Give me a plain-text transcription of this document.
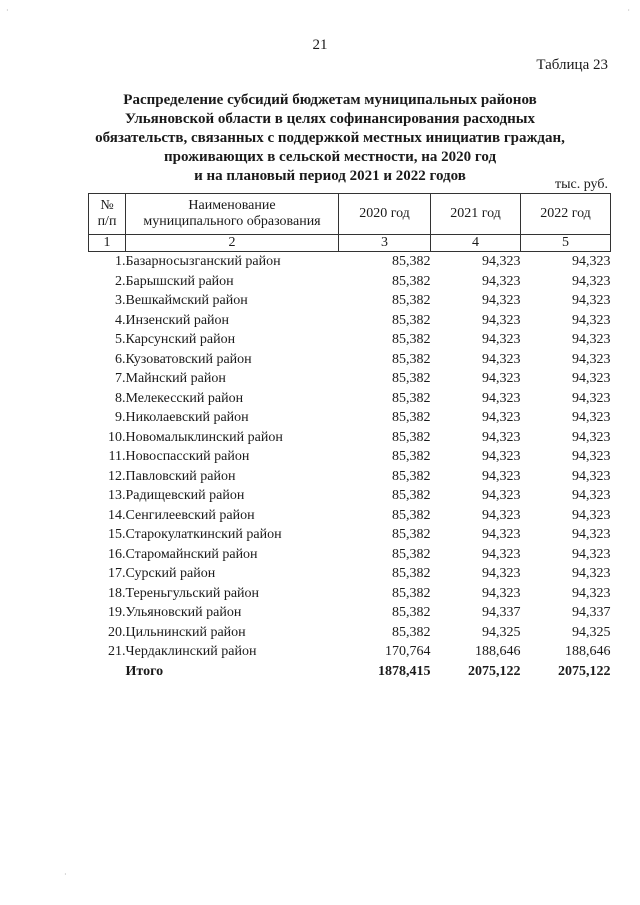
21
Таблица 23
Распределение субсидий бюджетам муниципальных районов
Ульяновской области в целях софинансирования расходных
обязательств, связанных с поддержкой местных инициатив граждан,
проживающих в сельской местности, на 2020 год
и на плановый период 2021 и 2022 годов
тыс. руб.
№
п/п	Наименование
муниципального образования	2020 год	2021 год	2022 год
1	2	3	4	5
1.	Базарносызганский район	85,382	94,323	94,323
2.	Барышский район	85,382	94,323	94,323
3.	Вешкаймский район	85,382	94,323	94,323
4.	Инзенский район	85,382	94,323	94,323
5.	Карсунский район	85,382	94,323	94,323
6.	Кузоватовский район	85,382	94,323	94,323
7.	Майнский район	85,382	94,323	94,323
8.	Мелекесский район	85,382	94,323	94,323
9.	Николаевский район	85,382	94,323	94,323
10.	Новомалыклинский район	85,382	94,323	94,323
11.	Новоспасский район	85,382	94,323	94,323
12.	Павловский район	85,382	94,323	94,323
13.	Радищевский район	85,382	94,323	94,323
14.	Сенгилеевский район	85,382	94,323	94,323
15.	Старокулаткинский район	85,382	94,323	94,323
16.	Старомайнский район	85,382	94,323	94,323
17.	Сурский район	85,382	94,323	94,323
18.	Тереньгульский район	85,382	94,323	94,323
19.	Ульяновский район	85,382	94,337	94,337
20.	Цильнинский район	85,382	94,325	94,325
21.	Чердаклинский район	170,764	188,646	188,646
	Итого	1878,415	2075,122	2075,122
·	·
·
